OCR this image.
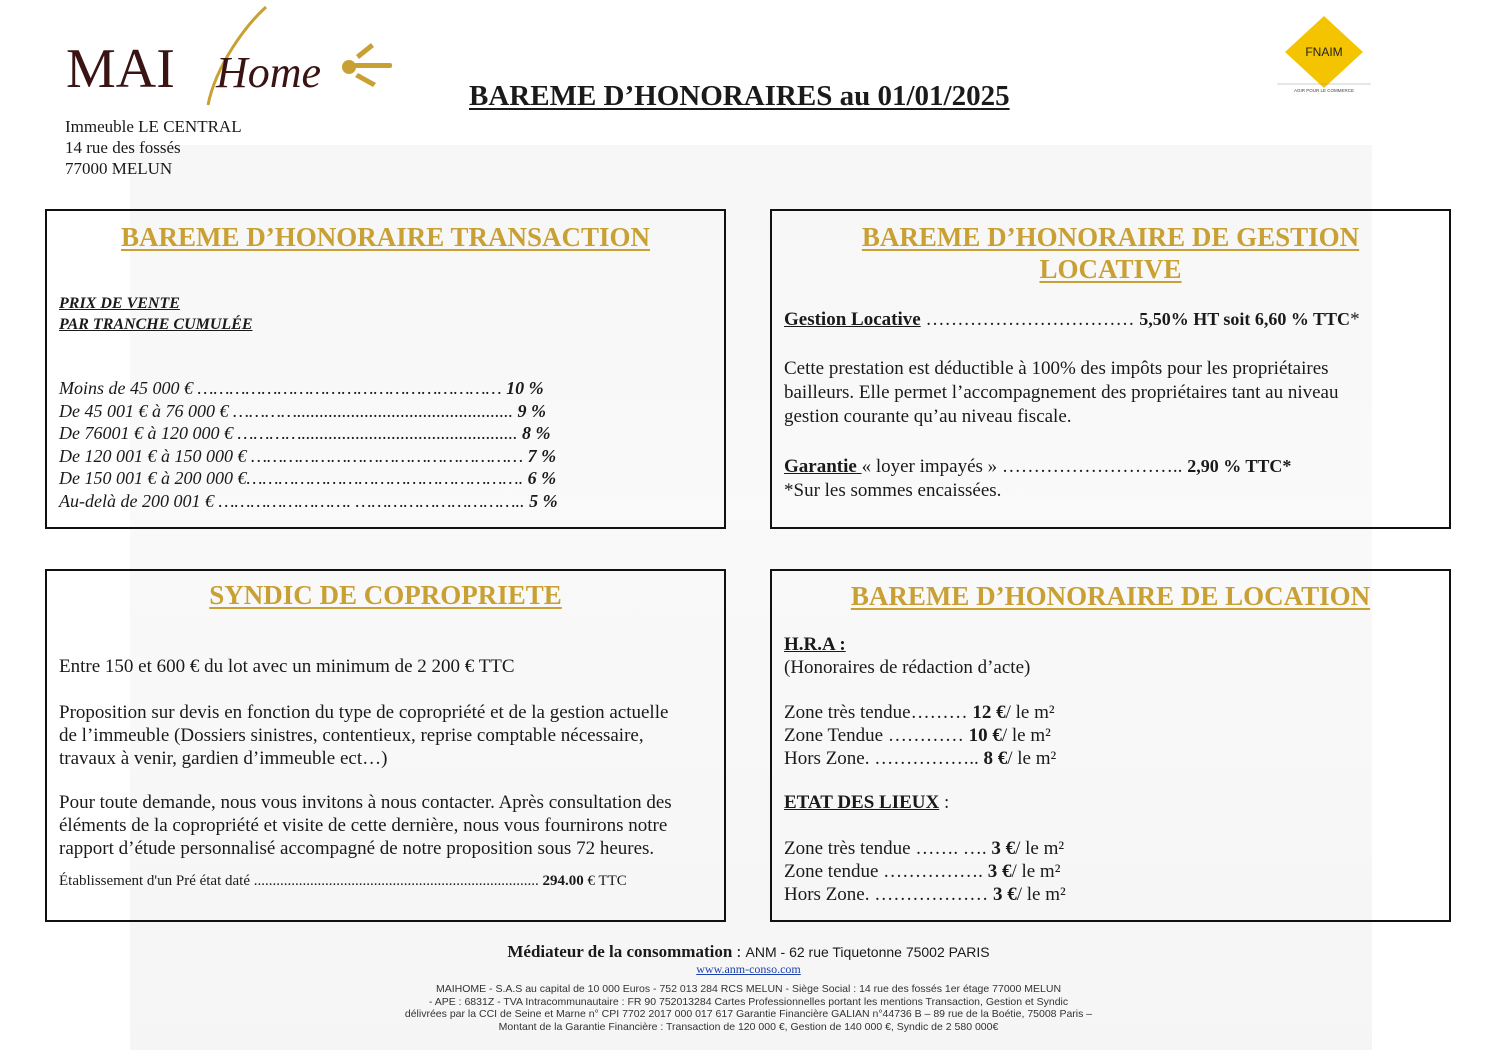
MAI Home
Immeuble LE CENTRAL
14 rue des fossés
77000 MELUN
FNAIM
AGIR POUR LE COMMERCE
BAREME D’HONORAIRES au 01/01/2025
BAREME D’HONORAIRE TRANSACTION
PRIX DE VENTE
PAR TRANCHE CUMULÉE
Moins de 45 000 € ………………………………………………… 10 %
De 45 001 € à 76 000 € …………................................................ 9 %
De 76001 € à 120 000 € …………................................................ 8 %
De 120 001 € à 150 000 € …………………………………………… 7 %
De 150 001 € à 200 000 €……………………………………………. 6 %
Au-delà de 200 001 € ……………………. ………………………….. 5 %
BAREME D’HONORAIRE DE GESTION
LOCATIVE
Gestion Locative …………………………… 5,50% HT soit 6,60 % TTC*
Cette prestation est déductible à 100% des impôts pour les propriétaires
bailleurs. Elle permet l’accompagnement des propriétaires tant au niveau
gestion courante qu’au niveau fiscale.
Garantie « loyer impayés » ……………………….. 2,90 % TTC*
*Sur les sommes encaissées.
SYNDIC DE COPROPRIETE
Entre 150 et 600 € du lot avec un minimum de 2 200 € TTC
Proposition sur devis en fonction du type de copropriété et de la gestion actuelle
de l’immeuble (Dossiers sinistres, contentieux, reprise comptable nécessaire,
travaux à venir, gardien d’immeuble ect…)
Pour toute demande, nous vous invitons à nous contacter. Après consultation des
éléments de la copropriété et visite de cette dernière, nous vous fournirons notre
rapport d’étude personnalisé accompagné de notre proposition sous 72 heures.
Établissement d'un Pré état daté ............................................................................ 294.00 € TTC
BAREME D’HONORAIRE DE LOCATION
H.R.A :
(Honoraires de rédaction d’acte)
Zone très tendue……… 12 €/ le m²
Zone Tendue ………… 10 €/ le m²
Hors Zone. …………….. 8 €/ le m²
ETAT DES LIEUX :
Zone très tendue ……. …. 3 €/ le m²
Zone tendue ……………. 3 €/ le m²
Hors Zone. ……………… 3 €/ le m²
Médiateur de la consommation : ANM - 62 rue Tiquetonne 75002 PARIS
www.anm-conso.com
MAIHOME - S.A.S au capital de 10 000 Euros - 752 013 284 RCS MELUN - Siège Social : 14 rue des fossés 1er étage 77000 MELUN
- APE : 6831Z - TVA Intracommunautaire : FR 90 752013284 Cartes Professionnelles portant les mentions Transaction, Gestion et Syndic
délivrées par la CCI de Seine et Marne n° CPI 7702 2017 000 017 617 Garantie Financière GALIAN n°44736 B – 89 rue de la Boétie, 75008 Paris –
Montant de la Garantie Financière : Transaction de 120 000 €, Gestion de 140 000 €, Syndic de 2 580 000€
